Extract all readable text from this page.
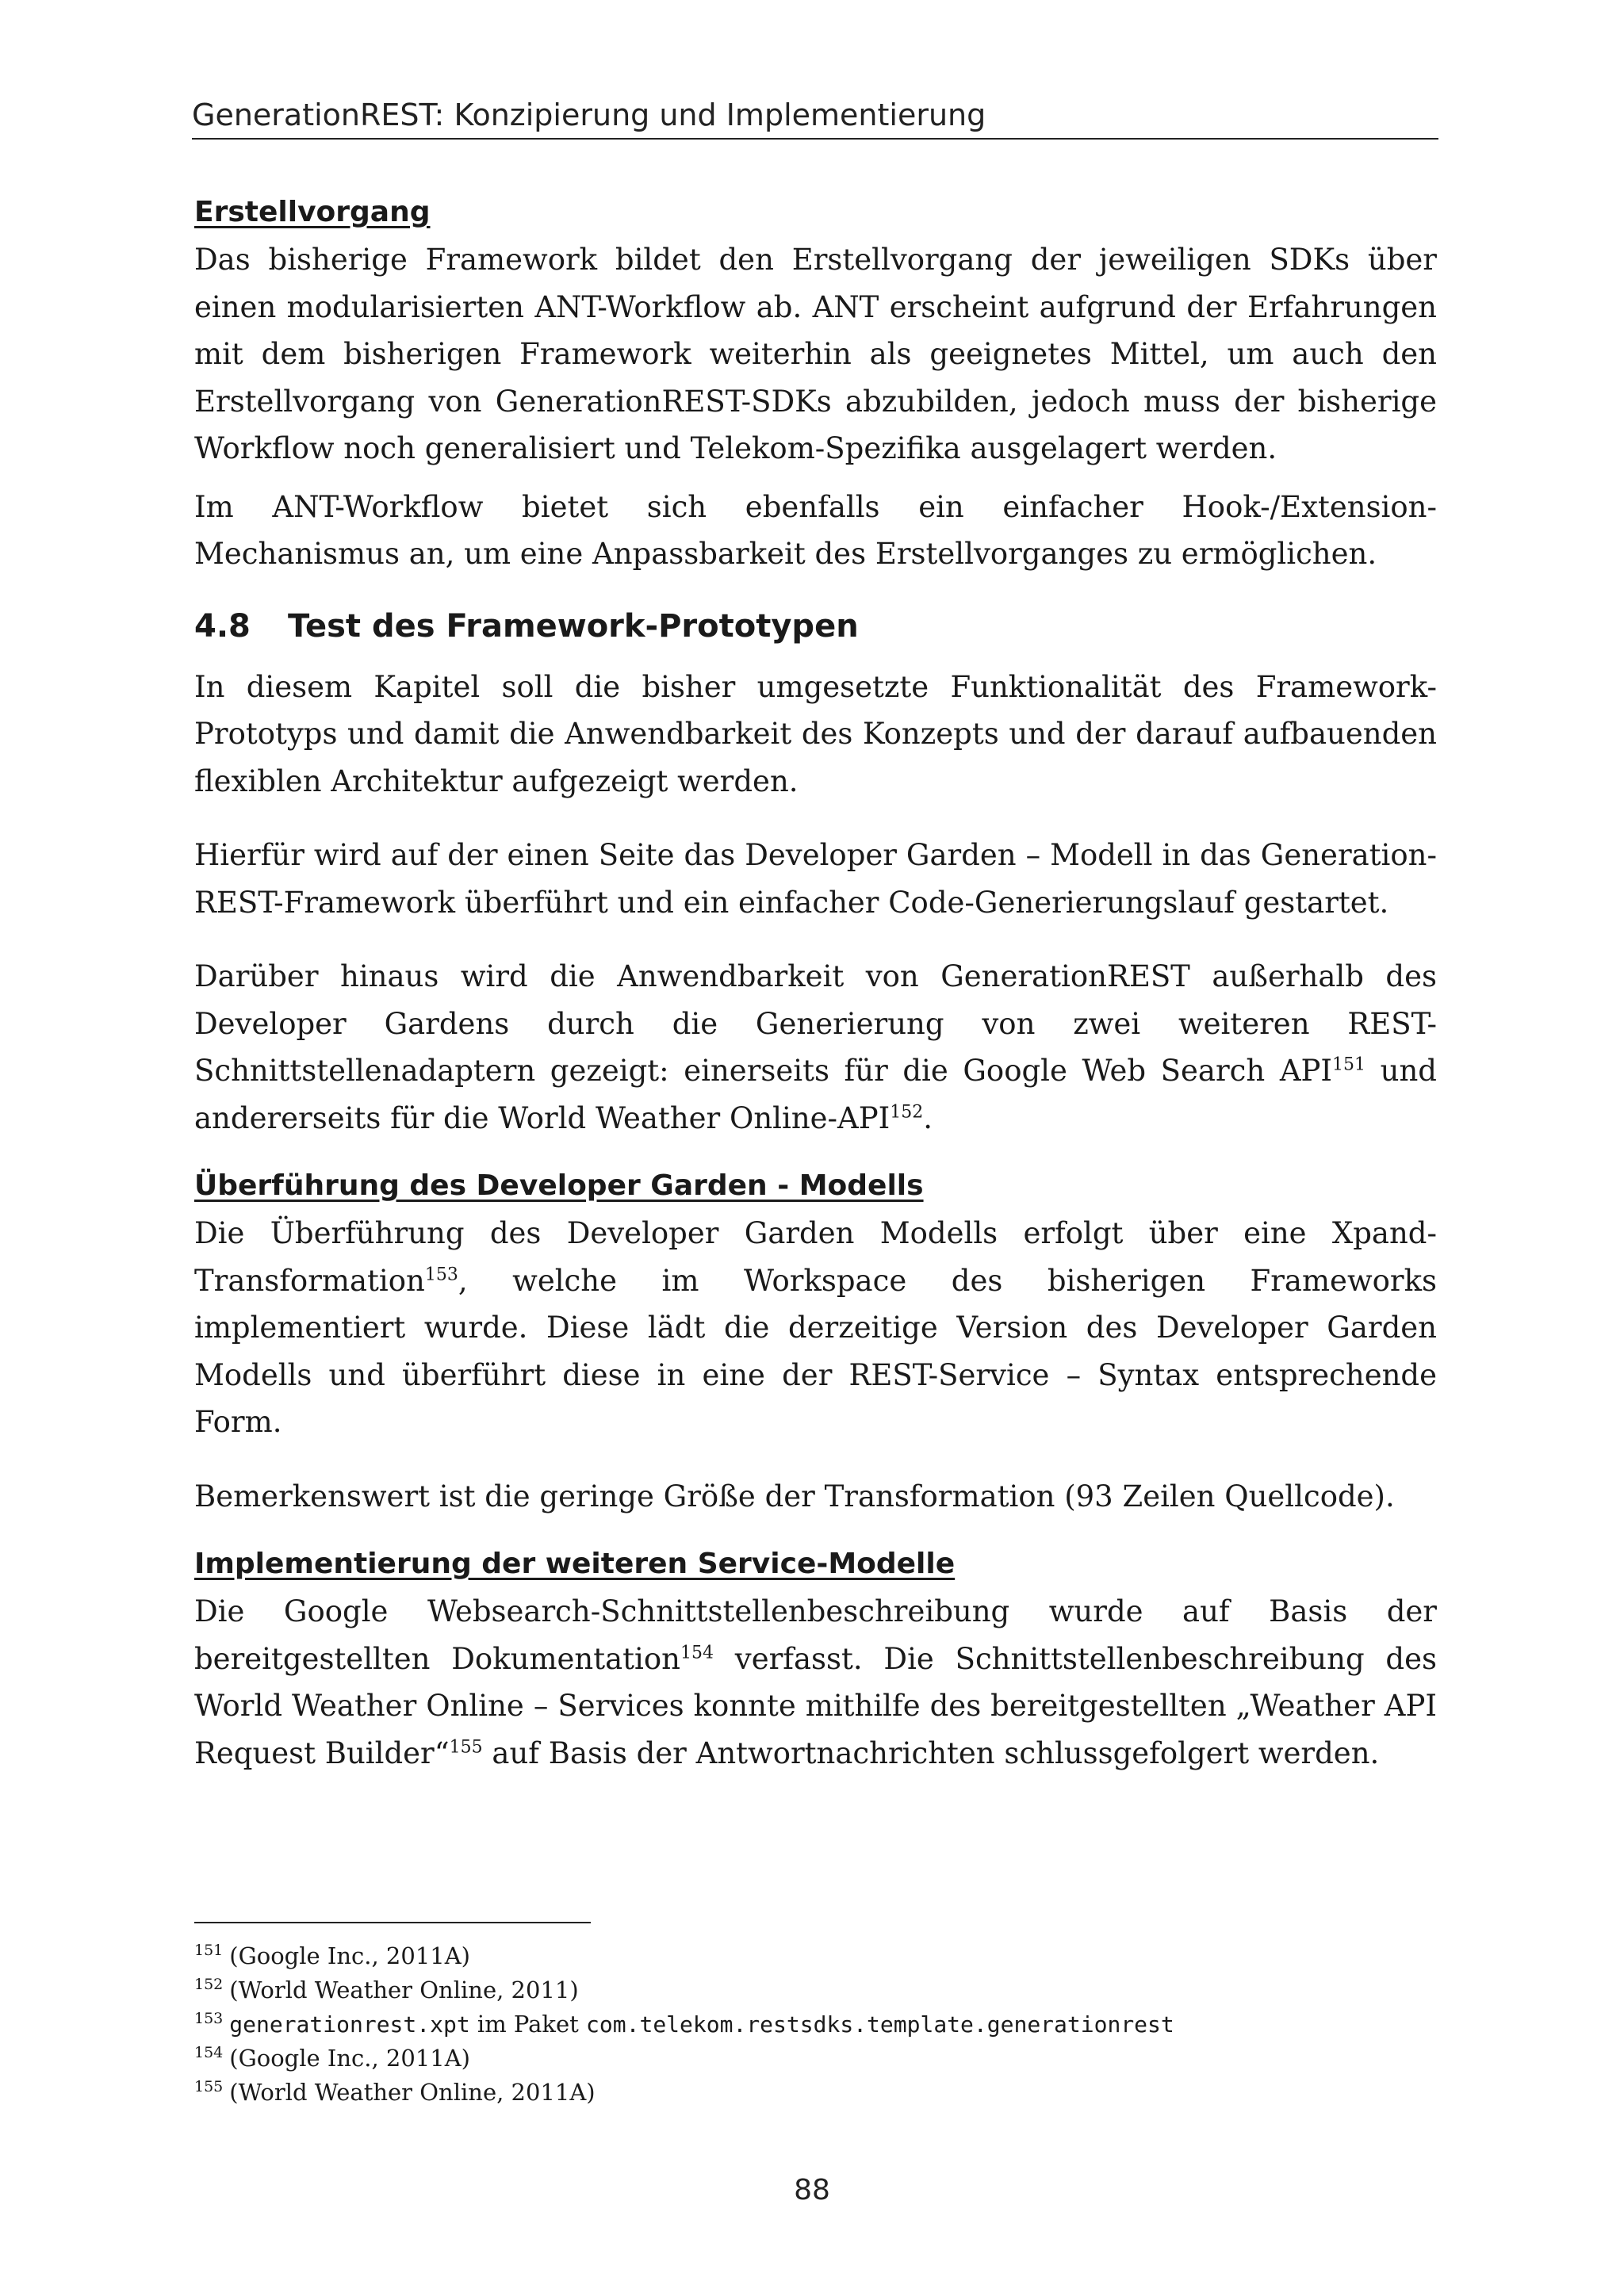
GenerationREST: Konzipierung und Implementierung
Erstellvorgang

Das bisherige Framework bildet den Erstellvorgang der jeweiligen SDKs über einen modularisierten ANT-Workflow ab. ANT erscheint aufgrund der Erfahrungen mit dem bisherigen Framework weiterhin als geeignetes Mittel, um auch den Erstellvorgang von GenerationREST-SDKs abzubilden, jedoch muss der bisherige Workflow noch generalisiert und Telekom-Spezifika ausgelagert werden.

Im ANT-Workflow bietet sich ebenfalls ein einfacher Hook-/Extension-Mechanismus an, um eine Anpassbarkeit des Erstellvorganges zu ermöglichen.

4.8 Test des Framework-Prototypen

In diesem Kapitel soll die bisher umgesetzte Funktionalität des Framework-Prototyps und damit die Anwendbarkeit des Konzepts und der darauf aufbauenden flexiblen Architektur aufgezeigt werden.

Hierfür wird auf der einen Seite das Developer Garden – Modell in das Generation-REST-Framework überführt und ein einfacher Code-Generierungslauf gestartet.

Darüber hinaus wird die Anwendbarkeit von GenerationREST außerhalb des Developer Gardens durch die Generierung von zwei weiteren REST-Schnittstellenadaptern gezeigt: einerseits für die Google Web Search API$^{151}$ und andererseits für die World Weather Online-API$^{152}$.

Überführung des Developer Garden - Modells

Die Überführung des Developer Garden Modells erfolgt über eine Xpand-Transformation$^{153}$, welche im Workspace des bisherigen Frameworks implementiert wurde. Diese lädt die derzeitige Version des Developer Garden Modells und überführt diese in eine der REST-Service – Syntax entsprechende Form.

Bemerkenswert ist die geringe Größe der Transformation (93 Zeilen Quellcode).

Implementierung der weiteren Service-Modelle

Die Google Websearch-Schnittstellenbeschreibung wurde auf Basis der bereitgestellten Dokumentation$^{154}$ verfasst. Die Schnittstellenbeschreibung des World Weather Online – Services konnte mithilfe des bereitgestellten „Weather API Request Builder“$^{155}$ auf Basis der Antwortnachrichten schlussgefolgert werden.

$^{151}$ (Google Inc., 2011A)

$^{152}$ (World Weather Online, 2011)

$^{153}$ generationrest.xpt im Paket com.telekom.restsdks.template.generationrest

$^{154}$ (Google Inc., 2011A)

$^{155}$ (World Weather Online, 2011A)

88
